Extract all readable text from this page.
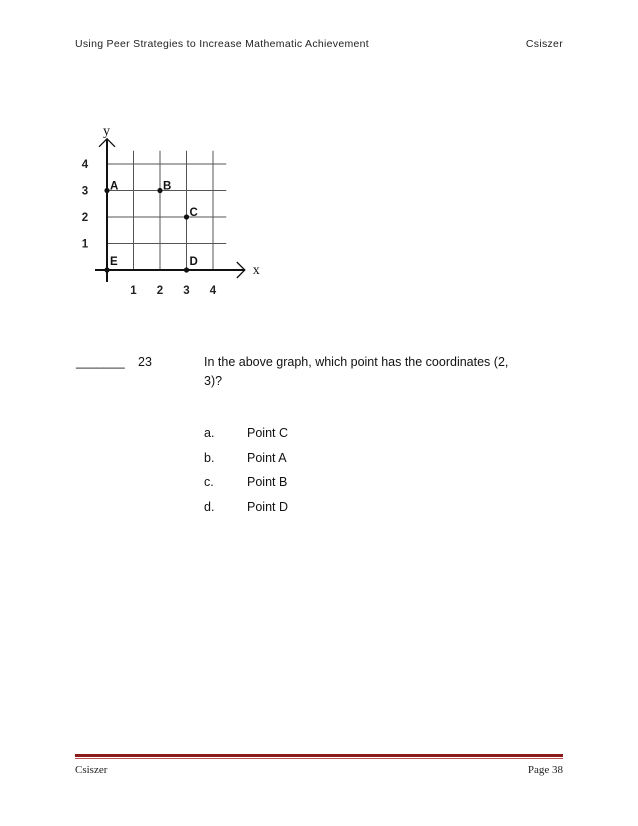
Using Peer Strategies to Increase Mathematic Achievement	Csiszer
y
x
1 2 3 4
1
2
3
4
A	B
C
D
E
_______ 23	In the above graph, which point has the coordinates (2, 3)?
a.	Point C
b.	Point A
c.	Point B
d.	Point D
Csiszer	Page 38
